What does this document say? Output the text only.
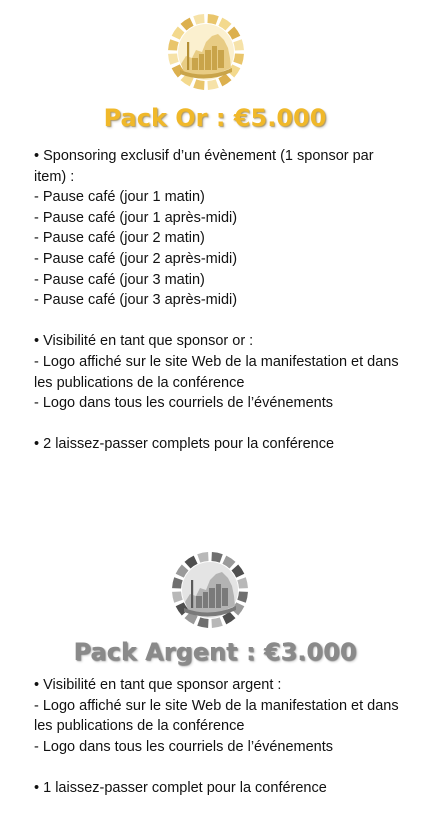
Pack Or : €5.000

• Sponsoring exclusif d’un évènement (1 sponsor par item) :

- Pause café (jour 1 matin)

- Pause café (jour 1 après-midi)

- Pause café (jour 2 matin)

- Pause café (jour 2 après-midi)

- Pause café (jour 3 matin)

- Pause café (jour 3 après-midi)

• Visibilité en tant que sponsor or :

- Logo affiché sur le site Web de la manifestation et dans les publications de la conférence

- Logo dans tous les courriels de l’événements

• 2 laissez-passer complets pour la conférence

Pack Argent : €3.000

• Visibilité en tant que sponsor argent :

- Logo affiché sur le site Web de la manifestation et dans les publications de la conférence

- Logo dans tous les courriels de l’événements

• 1 laissez-passer complet pour la conférence
